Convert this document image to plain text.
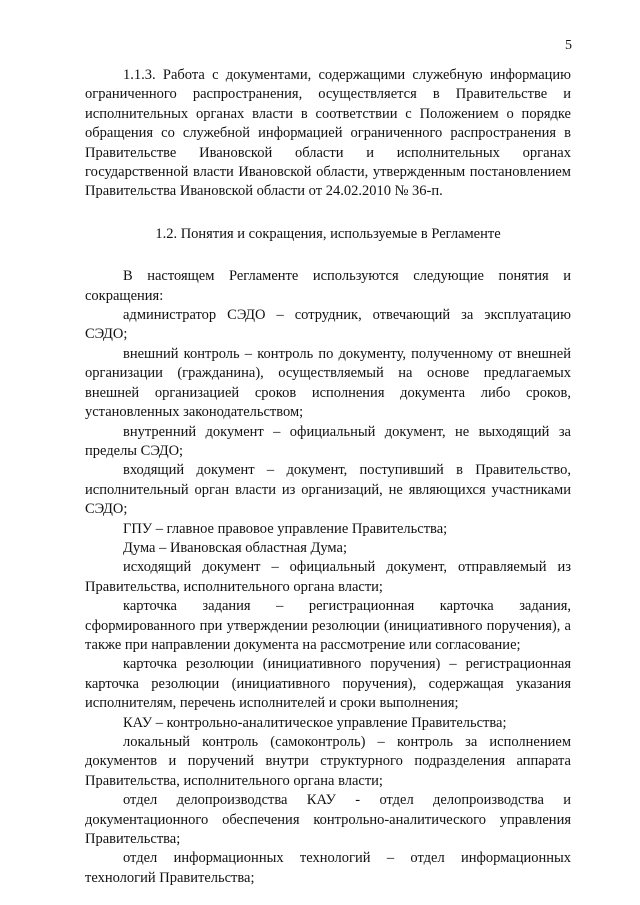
5

1.1.3. Работа с документами, содержащими служебную информацию ограниченного распространения, осуществляется в Правительстве и исполнительных органах власти в соответствии с Положением о порядке обращения со служебной информацией ограниченного распространения в Правительстве Ивановской области и исполнительных органах государственной власти Ивановской области, утвержденным постановлением Правительства Ивановской области от 24.02.2010 № 36-п.

1.2. Понятия и сокращения, используемые в Регламенте

В настоящем Регламенте используются следующие понятия и сокращения:

администратор СЭДО – сотрудник, отвечающий за эксплуатацию СЭДО;

внешний контроль – контроль по документу, полученному от внешней организации (гражданина), осуществляемый на основе предлагаемых внешней организацией сроков исполнения документа либо сроков, установленных законодательством;

внутренний документ – официальный документ, не выходящий за пределы СЭДО;

входящий документ – документ, поступивший в Правительство, исполнительный орган власти из организаций, не являющихся участниками СЭДО;

ГПУ – главное правовое управление Правительства;

Дума – Ивановская областная Дума;

исходящий документ – официальный документ, отправляемый из Правительства, исполнительного органа власти;

карточка задания – регистрационная карточка задания, сформированного при утверждении резолюции (инициативного поручения), а также при направлении документа на рассмотрение или согласование;

карточка резолюции (инициативного поручения) – регистрационная карточка резолюции (инициативного поручения), содержащая указания исполнителям, перечень исполнителей и сроки выполнения;

КАУ – контрольно-аналитическое управление Правительства;

локальный контроль (самоконтроль) – контроль за исполнением документов и поручений внутри структурного подразделения аппарата Правительства, исполнительного органа власти;

отдел делопроизводства КАУ - отдел делопроизводства и документационного обеспечения контрольно-аналитического управления Правительства;

отдел информационных технологий – отдел информационных технологий Правительства;
